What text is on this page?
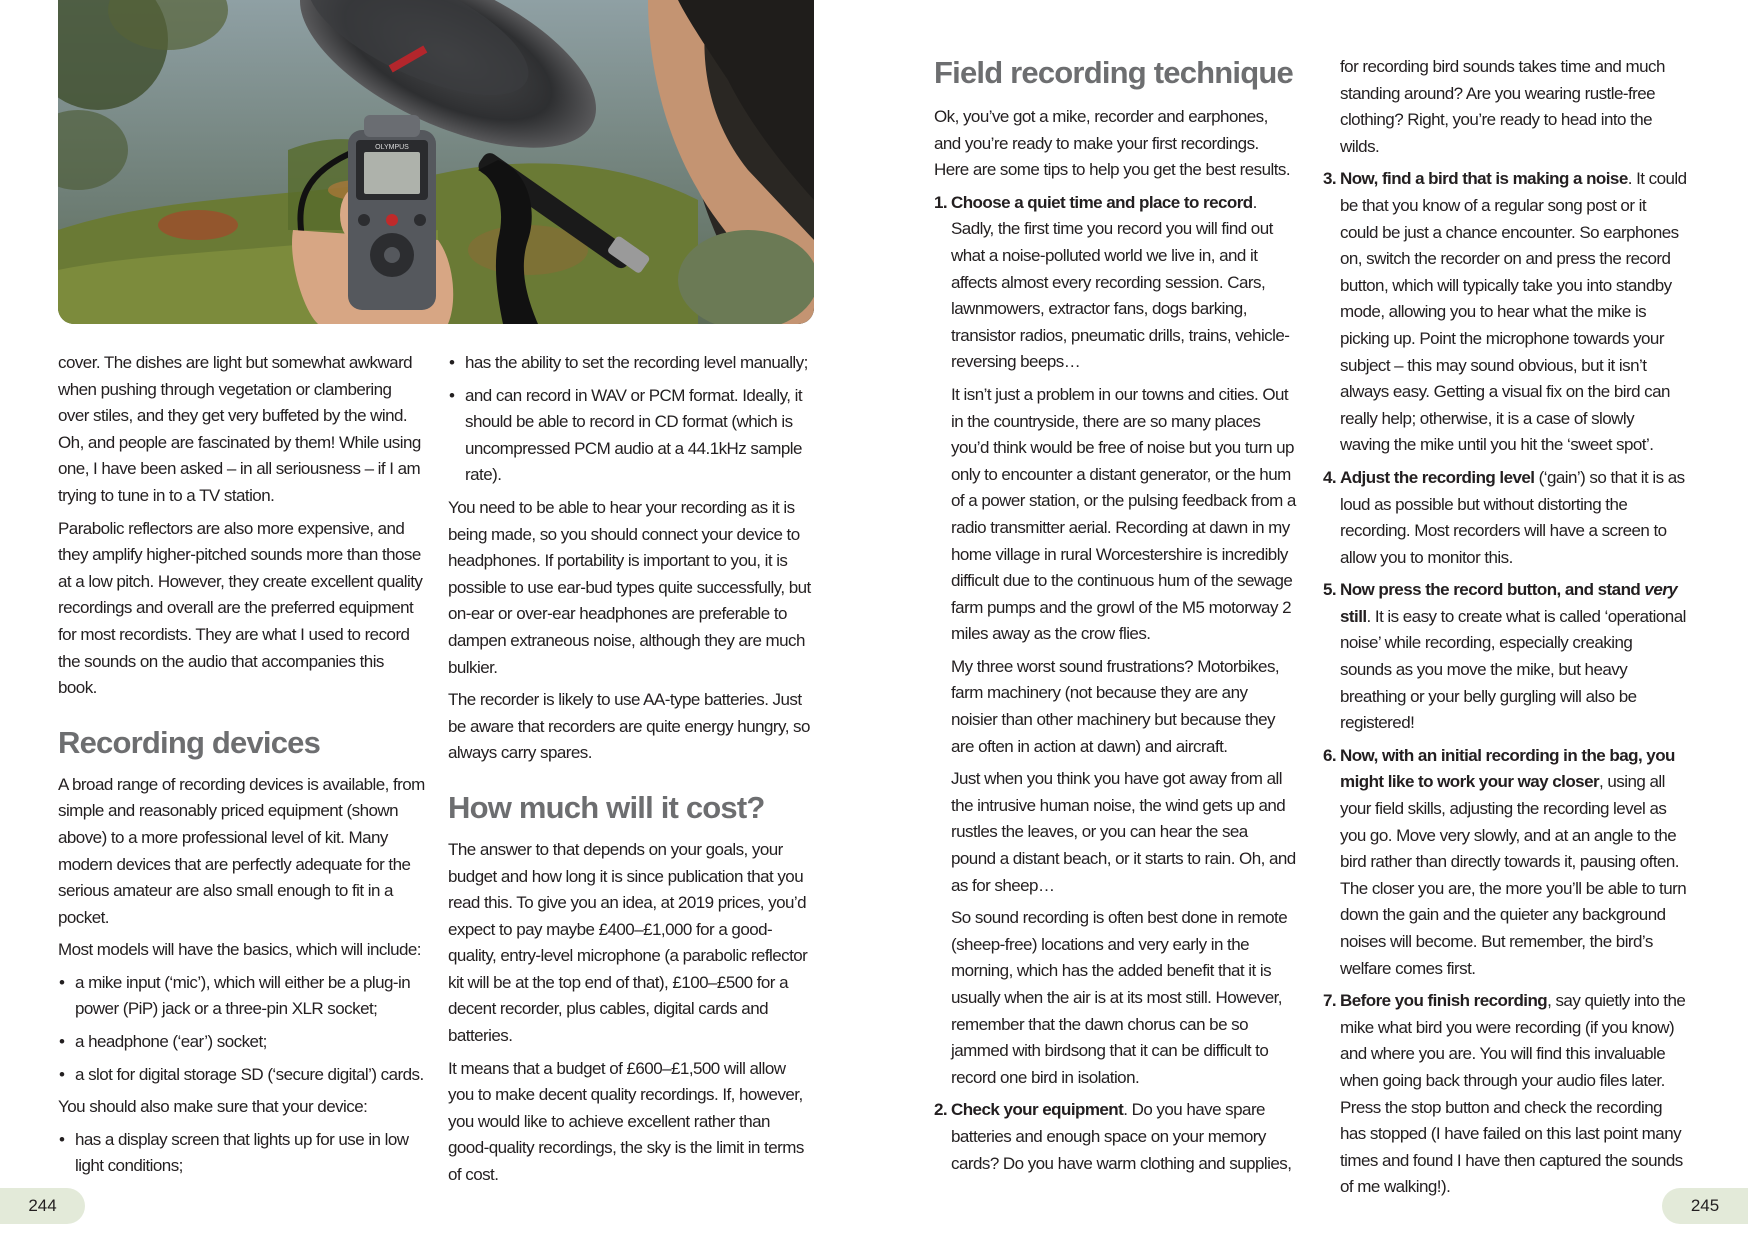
OLYMPUS

cover. The dishes are light but somewhat awkward when pushing through vegetation or clambering over stiles, and they get very buffeted by the wind. Oh, and people are fascinated by them! While using one, I have been asked – in all seriousness – if I am trying to tune in to a TV station.

Parabolic reflectors are also more expensive, and they amplify higher-pitched sounds more than those at a low pitch. However, they create excellent quality recordings and overall are the preferred equipment for most recordists. They are what I used to record the sounds on the audio that accompanies this book.

Recording devices

A broad range of recording devices is available, from simple and reasonably priced equipment (shown above) to a more professional level of kit. Many modern devices that are perfectly adequate for the serious amateur are also small enough to fit in a pocket.

Most models will have the basics, which will include:

• a mike input (‘mic’), which will either be a plug-in power (PiP) jack or a three-pin XLR socket;
• a headphone (‘ear’) socket;
• a slot for digital storage SD (‘secure digital’) cards.

You should also make sure that your device:

• has a display screen that lights up for use in low light conditions;
• has the ability to set the recording level manually;
• and can record in WAV or PCM format. Ideally, it should be able to record in CD format (which is uncompressed PCM audio at a 44.1kHz sample rate).

You need to be able to hear your recording as it is being made, so you should connect your device to headphones. If portability is important to you, it is possible to use ear-bud types quite successfully, but on-ear or over-ear headphones are preferable to dampen extraneous noise, although they are much bulkier.

The recorder is likely to use AA-type batteries. Just be aware that recorders are quite energy hungry, so always carry spares.

How much will it cost?

The answer to that depends on your goals, your budget and how long it is since publication that you read this. To give you an idea, at 2019 prices, you’d expect to pay maybe £400–£1,000 for a good-quality, entry-level microphone (a parabolic reflector kit will be at the top end of that), £100–£500 for a decent recorder, plus cables, digital cards and batteries.

It means that a budget of £600–£1,500 will allow you to make decent quality recordings. If, however, you would like to achieve excellent rather than good-quality recordings, the sky is the limit in terms of cost.

Field recording technique

Ok, you’ve got a mike, recorder and earphones, and you’re ready to make your first recordings. Here are some tips to help you get the best results.

1. Choose a quiet time and place to record. Sadly, the first time you record you will find out what a noise-polluted world we live in, and it affects almost every recording session. Cars, lawnmowers, extractor fans, dogs barking, transistor radios, pneumatic drills, trains, vehicle-reversing beeps…

It isn’t just a problem in our towns and cities. Out in the countryside, there are so many places you’d think would be free of noise but you turn up only to encounter a distant generator, or the hum of a power station, or the pulsing feedback from a radio transmitter aerial. Recording at dawn in my home village in rural Worcestershire is incredibly difficult due to the continuous hum of the sewage farm pumps and the growl of the M5 motorway 2 miles away as the crow flies.

My three worst sound frustrations? Motorbikes, farm machinery (not because they are any noisier than other machinery but because they are often in action at dawn) and aircraft.

Just when you think you have got away from all the intrusive human noise, the wind gets up and rustles the leaves, or you can hear the sea pound a distant beach, or it starts to rain. Oh, and as for sheep…

So sound recording is often best done in remote (sheep-free) locations and very early in the morning, which has the added benefit that it is usually when the air is at its most still. However, remember that the dawn chorus can be so jammed with birdsong that it can be difficult to record one bird in isolation.

2. Check your equipment. Do you have spare batteries and enough space on your memory cards? Do you have warm clothing and supplies,

for recording bird sounds takes time and much standing around? Are you wearing rustle-free clothing? Right, you’re ready to head into the wilds.

3. Now, find a bird that is making a noise. It could be that you know of a regular song post or it could be just a chance encounter. So earphones on, switch the recorder on and press the record button, which will typically take you into standby mode, allowing you to hear what the mike is picking up. Point the microphone towards your subject – this may sound obvious, but it isn’t always easy. Getting a visual fix on the bird can really help; otherwise, it is a case of slowly waving the mike until you hit the ‘sweet spot’.

4. Adjust the recording level (‘gain’) so that it is as loud as possible but without distorting the recording. Most recorders will have a screen to allow you to monitor this.

5. Now press the record button, and stand very still. It is easy to create what is called ‘operational noise’ while recording, especially creaking sounds as you move the mike, but heavy breathing or your belly gurgling will also be registered!

6. Now, with an initial recording in the bag, you might like to work your way closer, using all your field skills, adjusting the recording level as you go. Move very slowly, and at an angle to the bird rather than directly towards it, pausing often. The closer you are, the more you’ll be able to turn down the gain and the quieter any background noises will become. But remember, the bird’s welfare comes first.

7. Before you finish recording, say quietly into the mike what bird you were recording (if you know) and where you are. You will find this invaluable when going back through your audio files later. Press the stop button and check the recording has stopped (I have failed on this last point many times and found I have then captured the sounds of me walking!).

244	245
